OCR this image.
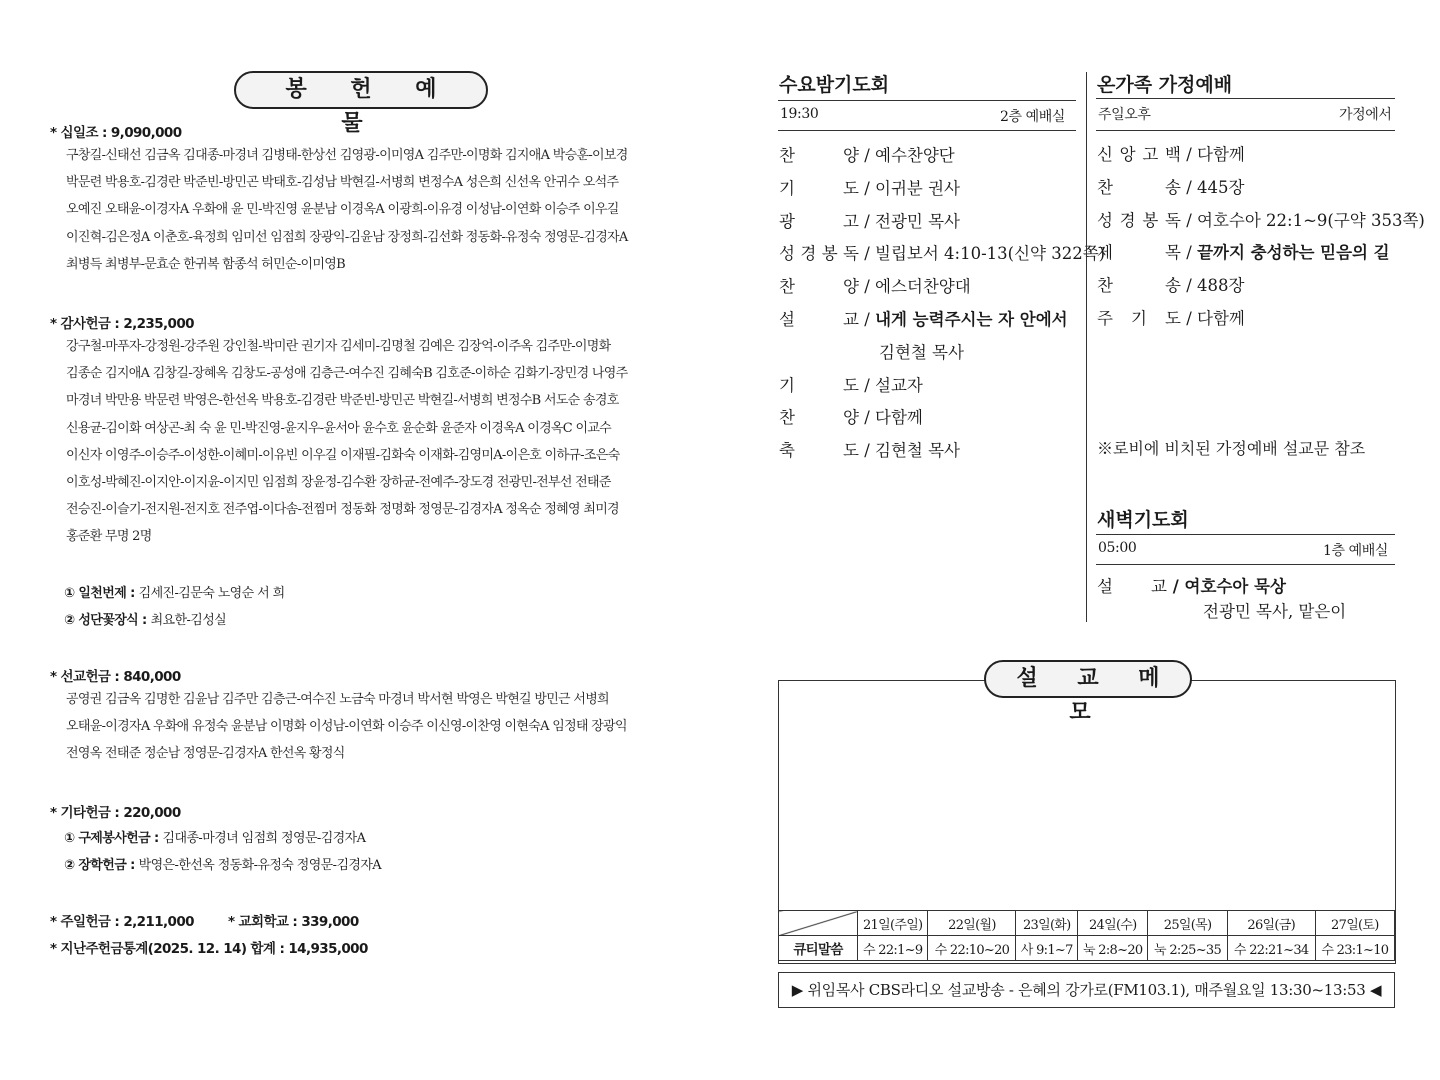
봉 헌 예 물
* 십일조 : 9,090,000
구창길-신태선 김금옥 김대종-마경녀 김병태-한상선 김영광-이미영A 김주만-이명화 김지애A 박승훈-이보경
박문련 박용호-김경란 박준빈-방민곤 박태호-김성남 박현길-서병희 변정수A 성은희 신선옥 안귀수 오석주
오예진 오태윤-이경자A 우화애 윤 민-박진영 윤분남 이경옥A 이광희-이유경 이성남-이연화 이승주 이우길
이진혁-김은정A 이춘호-육정희 임미선 임점희 장광익-김윤남 장정희-김선화 정동화-유정숙 정영문-김경자A
최병득 최병부-문효순 한귀복 함종석 허민순-이미영B
* 감사헌금 : 2,235,000
강구철-마푸자-강정원-강주원 강인철-박미란 권기자 김세미-김명철 김예은 김장억-이주옥 김주만-이명화
김종순 김지애A 김창길-장혜옥 김창도-공성애 김층근-여수진 김혜숙B 김호준-이하순 김화기-장민경 나영주
마경녀 박만용 박문련 박영은-한선옥 박용호-김경란 박준빈-방민곤 박현길-서병희 변정수B 서도순 송경호
신용균-김이화 여상곤-최 숙 윤 민-박진영-윤지우-윤서아 윤수호 윤순화 윤준자 이경옥A 이경옥C 이교수
이신자 이영주-이승주-이성한-이혜미-이유빈 이우길 이재필-김화숙 이재화-김영미A-이은호 이하규-조은숙
이호성-박혜진-이지안-이지윤-이지민 임점희 장윤정-김수환 장하균-전예주-장도경 전광민-전부선 전태준
전승진-이슬기-전지원-전지호 전주엽-이다솜-전찜머 정동화 정명화 정영문-김경자A 정옥순 정혜영 최미경
홍준환 무명 2명
① 일천번제 : 김세진-김문숙 노영순 서 희
② 성단꽃장식 : 최요한-김성실
* 선교헌금 : 840,000
공영권 김금옥 김명한 김윤남 김주만 김층근-여수진 노금숙 마경녀 박서현 박영은 박현길 방민근 서병희
오태윤-이경자A 우화애 유정숙 윤분남 이명화 이성남-이연화 이승주 이신영-이찬영 이현숙A 임정태 장광익
전영옥 전태준 정순남 정영문-김경자A 한선옥 황정식
* 기타헌금 : 220,000
① 구제봉사헌금 : 김대종-마경녀 임점희 정영문-김경자A
② 장학헌금 : 박영은-한선옥 정동화-유정숙 정영문-김경자A
* 주일헌금 : 2,211,000	* 교회학교 : 339,000
* 지난주헌금통계(2025. 12. 14) 합계 : 14,935,000
수요밤기도회
19:30	2층 예배실
찬 양 / 예수찬양단
기 도 / 이귀분 권사
광 고 / 전광민 목사
성 경 봉 독 / 빌립보서 4:10-13(신약 322쪽)
찬 양 / 에스더찬양대
설 교 / 내게 능력주시는 자 안에서
김현철 목사
기 도 / 설교자
찬 양 / 다함께
축 도 / 김현철 목사
온가족 가정예배
주일오후	가정에서
신 앙 고 백 / 다함께
찬 송 / 445장
성 경 봉 독 / 여호수아 22:1~9(구약 353쪽)
제 목 / 끝까지 충성하는 믿음의 길
찬 송 / 488장
주 기 도 / 다함께
※로비에 비치된 가정예배 설교문 참조
새벽기도회
05:00	1층 예배실
설 교 / 여호수아 묵상
전광민 목사, 맡은이
설 교 메 모
	21일(주일)	22일(월)	23일(화)	24일(수)	25일(목)	26일(금)	27일(토)
큐티말씀	수 22:1~9	수 22:10~20	사 9:1~7	눅 2:8~20	눅 2:25~35	수 22:21~34	수 23:1~10
▶ 위임목사 CBS라디오 설교방송 - 은혜의 강가로(FM103.1), 매주월요일 13:30~13:53 ◀
